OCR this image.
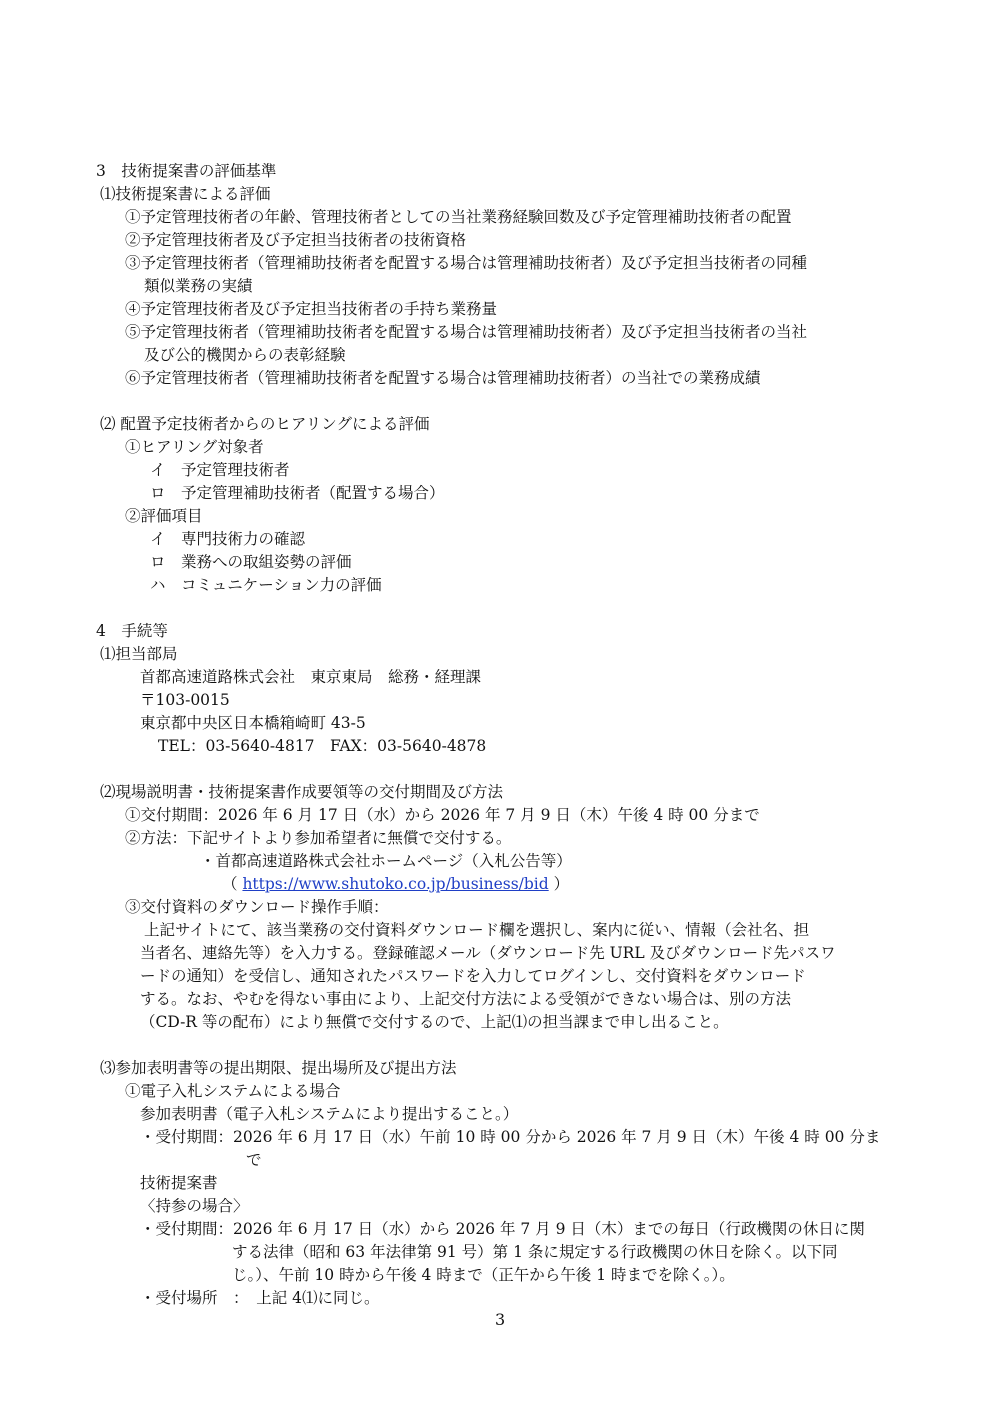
3　技術提案書の評価基準
⑴技術提案書による評価
①予定管理技術者の年齢、管理技術者としての当社業務経験回数及び予定管理補助技術者の配置
②予定管理技術者及び予定担当技術者の技術資格
③予定管理技術者（管理補助技術者を配置する場合は管理補助技術者）及び予定担当技術者の同種
類似業務の実績
④予定管理技術者及び予定担当技術者の手持ち業務量
⑤予定管理技術者（管理補助技術者を配置する場合は管理補助技術者）及び予定担当技術者の当社
及び公的機関からの表彰経験
⑥予定管理技術者（管理補助技術者を配置する場合は管理補助技術者）の当社での業務成績
⑵ 配置予定技術者からのヒアリングによる評価
①ヒアリング対象者
イ　予定管理技術者
ロ　予定管理補助技術者（配置する場合）
②評価項目
イ　専門技術力の確認
ロ　業務への取組姿勢の評価
ハ　コミュニケーション力の評価
4　手続等
⑴担当部局
首都高速道路株式会社　東京東局　総務・経理課
〒103-0015
東京都中央区日本橋箱崎町 43-5
TEL：03-5640-4817　FAX：03-5640-4878
⑵現場説明書・技術提案書作成要領等の交付期間及び方法
①交付期間：2026 年 6 月 17 日（水）から 2026 年 7 月 9 日（木）午後 4 時 00 分まで
②方法：下記サイトより参加希望者に無償で交付する。
・首都高速道路株式会社ホームページ（入札公告等）
（ https://www.shutoko.co.jp/business/bid ）
③交付資料のダウンロード操作手順：
上記サイトにて、該当業務の交付資料ダウンロード欄を選択し、案内に従い、情報（会社名、担
当者名、連絡先等）を入力する。登録確認メール（ダウンロード先 URL 及びダウンロード先パスワ
ードの通知）を受信し、通知されたパスワードを入力してログインし、交付資料をダウンロード
する。なお、やむを得ない事由により、上記交付方法による受領ができない場合は、別の方法
（CD-R 等の配布）により無償で交付するので、上記⑴の担当課まで申し出ること。
⑶参加表明書等の提出期限、提出場所及び提出方法
①電子入札システムによる場合
参加表明書（電子入札システムにより提出すること。）
・受付期間：2026 年 6 月 17 日（水）午前 10 時 00 分から 2026 年 7 月 9 日（木）午後 4 時 00 分ま
で
技術提案書
〈持参の場合〉
・受付期間：2026 年 6 月 17 日（水）から 2026 年 7 月 9 日（木）までの毎日（行政機関の休日に関
する法律（昭和 63 年法律第 91 号）第 1 条に規定する行政機関の休日を除く。以下同
じ。）、午前 10 時から午後 4 時まで（正午から午後 1 時までを除く。）。
・受付場所　：　上記 4⑴に同じ。
3
